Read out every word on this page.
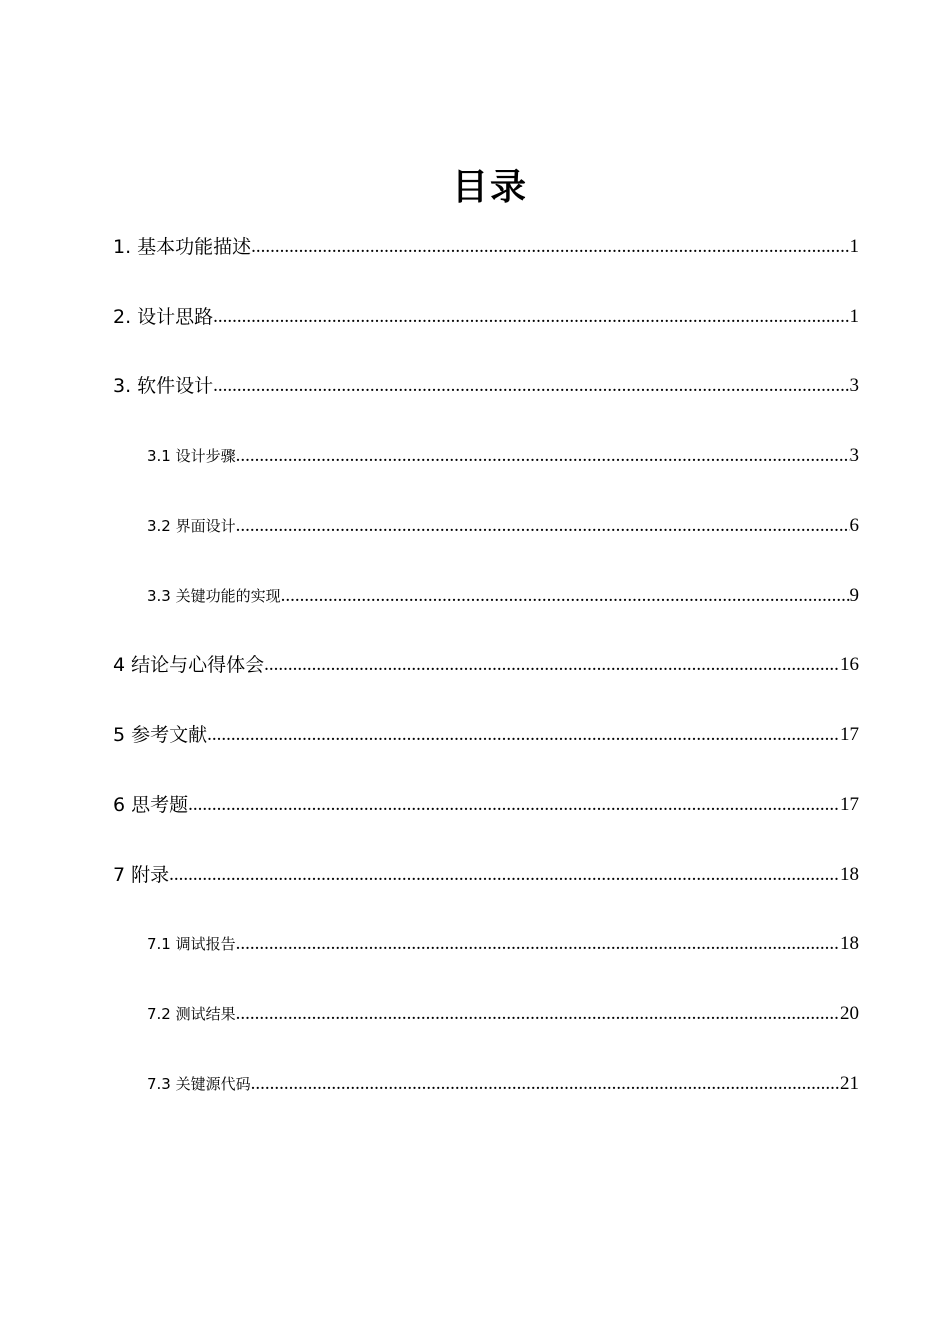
目录
1. 基本功能描述 .....	1
2. 设计思路 .....	1
3. 软件设计 .....	3
3.1 设计步骤 .....	3
3.2 界面设计 .....	6
3.3 关键功能的实现 .....	9
4 结论与心得体会 .....	16
5 参考文献 .....	17
6 思考题 .....	17
7 附录 .....	18
7.1 调试报告 .....	18
7.2 测试结果 .....	20
7.3 关键源代码 .....	21
